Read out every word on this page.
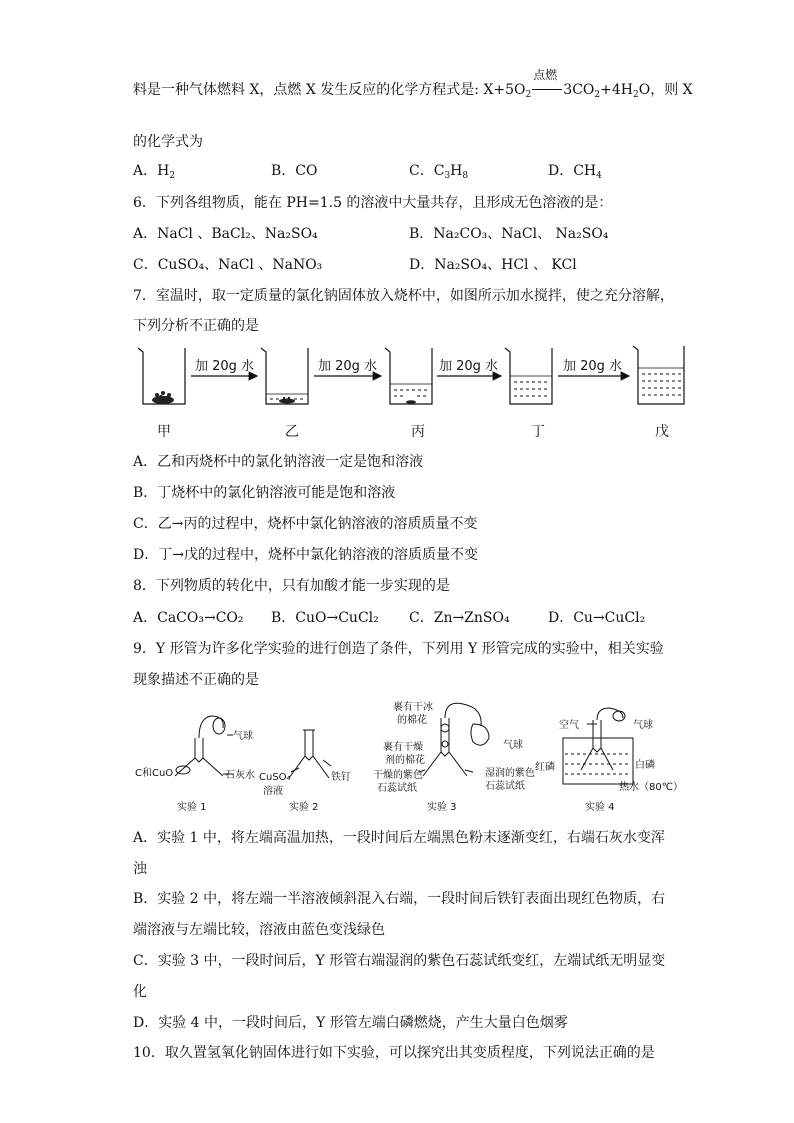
料是一种气体燃料 X，点燃 X 发生反应的化学方程式是: $X+5O_2$
点燃
$3CO_2+4H_2O$，则 X
的化学式为
A．$H_2$	B．CO	C．$C_3H_8$	D．$CH_4$
6．下列各组物质，能在 PH=1.5 的溶液中大量共存，且形成无色溶液的是：
A．NaCl 、BaCl₂、Na₂SO₄	B．Na₂CO₃、NaCl、 Na₂SO₄
C．CuSO₄、NaCl 、NaNO₃	D．Na₂SO₄、HCl 、 KCl
7．室温时，取一定质量的氯化钠固体放入烧杯中，如图所示加水搅拌，使之充分溶解，
下列分析不正确的是
加 20g 水	加 20g 水	加 20g 水	加 20g 水
甲	乙	丙	丁	戊
A．乙和丙烧杯中的氯化钠溶液一定是饱和溶液
B．丁烧杯中的氯化钠溶液可能是饱和溶液
C．乙→丙的过程中，烧杯中氯化钠溶液的溶质质量不变
D．丁→戊的过程中，烧杯中氯化钠溶液的溶质质量不变
8．下列物质的转化中，只有加酸才能一步实现的是
A．CaCO₃→CO₂ B．CuO→CuCl₂ C．Zn→ZnSO₄	D．Cu→CuCl₂
9．Y 形管为许多化学实验的进行创造了条件，下列用 Y 形管完成的实验中，相关实验
现象描述不正确的是
气球
C和CuO	石灰水
实验 1
CuSO₄
溶液
铁钉
实验 2
裹有干冰
的棉花
气球
裹有干燥
剂的棉花
干燥的紫色
石蕊试纸
湿润的紫色
石蕊试纸
实验 3
空气	气球
红磷	白磷
热水（80℃）
实验 4
A．实验 1 中，将左端高温加热，一段时间后左端黑色粉末逐渐变红，右端石灰水变浑
浊
B．实验 2 中，将左端一半溶液倾斜混入右端，一段时间后铁钉表面出现红色物质，右
端溶液与左端比较，溶液由蓝色变浅绿色
C．实验 3 中，一段时间后，Y 形管右端湿润的紫色石蕊试纸变红，左端试纸无明显变
化
D．实验 4 中，一段时间后，Y 形管左端白磷燃烧，产生大量白色烟雾
10．取久置氢氧化钠固体进行如下实验，可以探究出其变质程度，下列说法正确的是
